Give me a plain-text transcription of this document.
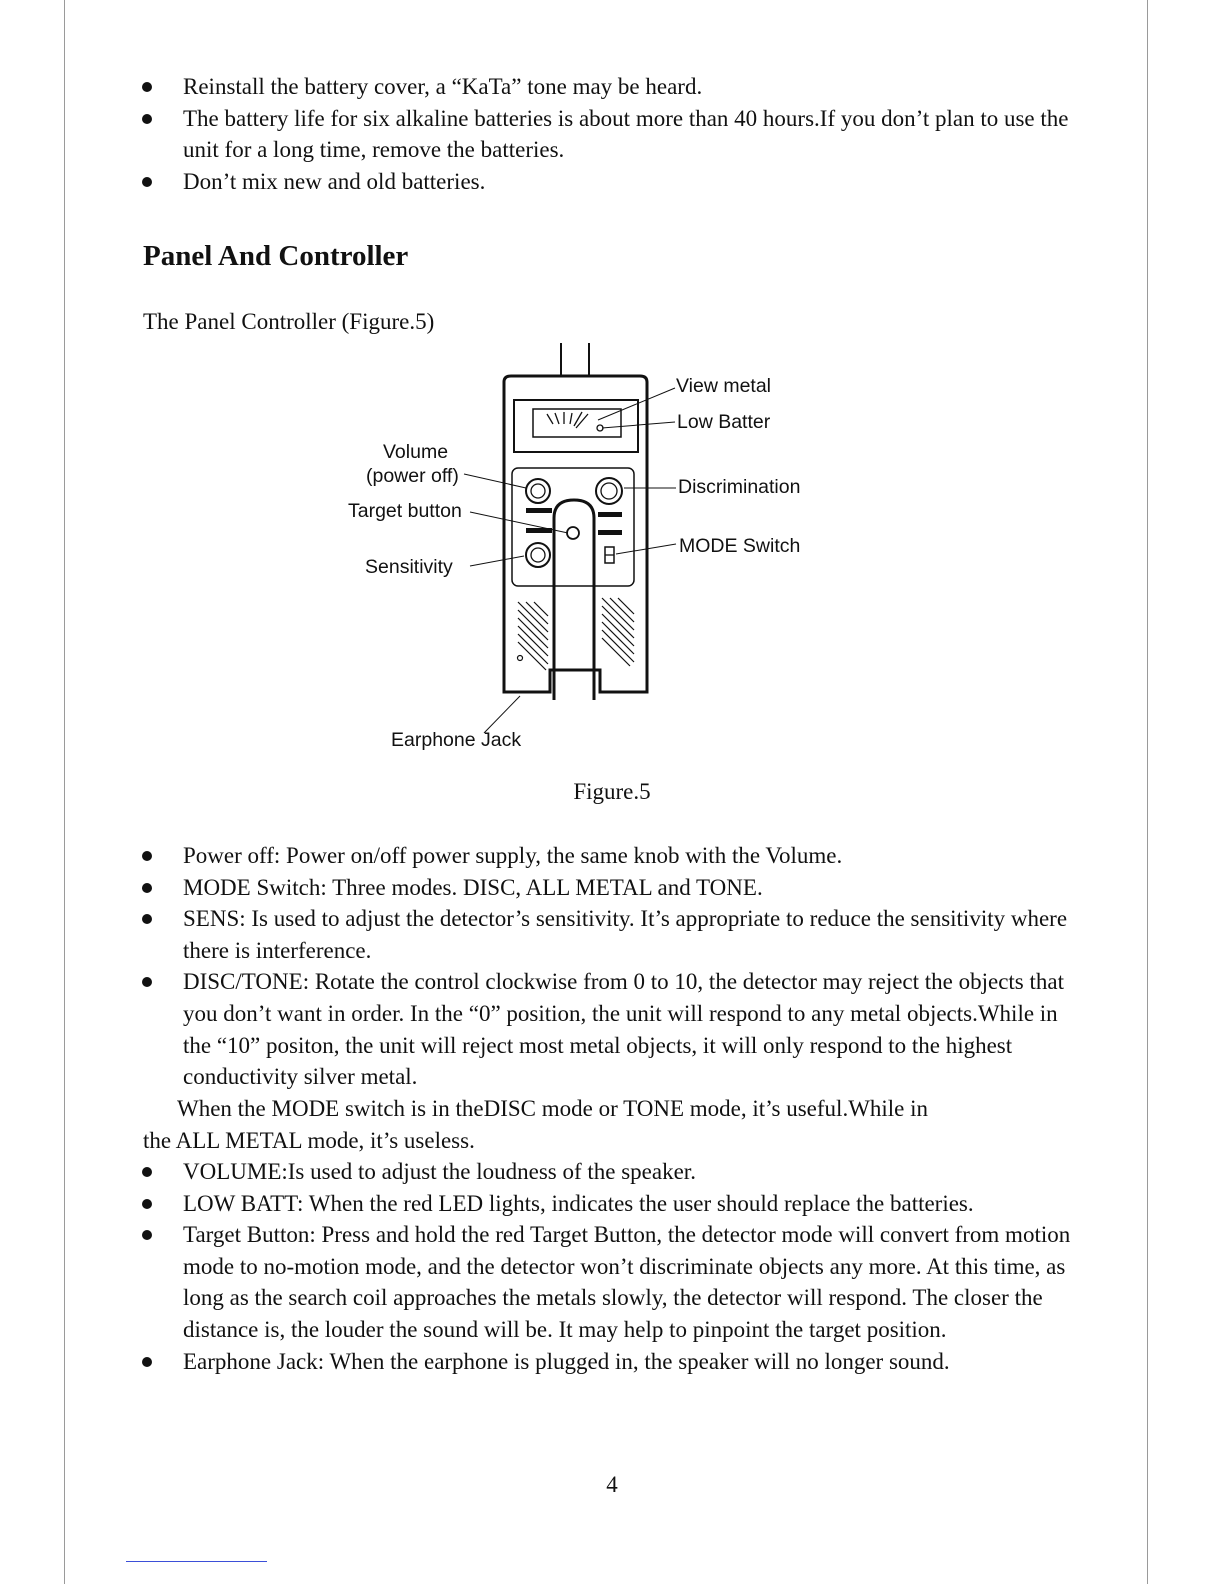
Reinstall the battery cover, a “KaTa” tone may be heard.
The battery life for six alkaline batteries is about more than 40 hours.If you don’t plan to use the unit for a long time, remove the batteries.
Don’t mix new and old batteries.
Panel And Controller

The Panel Controller (Figure.5)

View metal
Low Batter
Volume
(power off)
Target button
Discrimination
MODE Switch
Sensitivity
Earphone Jack

Figure.5

Power off: Power on/off power supply, the same knob with the Volume.
MODE Switch: Three modes. DISC, ALL METAL and TONE.
SENS: Is used to adjust the detector’s sensitivity. It’s appropriate to reduce the sensitivity where there is interference.
DISC/TONE: Rotate the control clockwise from 0 to 10, the detector may reject the objects that you don’t want in order. In the “0” position, the unit will respond to any metal objects.While in the “10” positon, the unit will reject most metal objects, it will only respond to the highest conductivity silver metal.

When the MODE switch is in theDISC mode or TONE mode, it’s useful.While in

the ALL METAL mode, it’s useless.

VOLUME:Is used to adjust the loudness of the speaker.
LOW BATT: When the red LED lights, indicates the user should replace the batteries.
Target Button: Press and hold the red Target Button, the detector mode will convert from motion mode to no-motion mode, and the detector won’t discriminate objects any more. At this time, as long as the search coil approaches the metals slowly, the detector will respond. The closer the distance is, the louder the sound will be. It may help to pinpoint the target position.
Earphone Jack: When the earphone is plugged in, the speaker will no longer sound.

4
